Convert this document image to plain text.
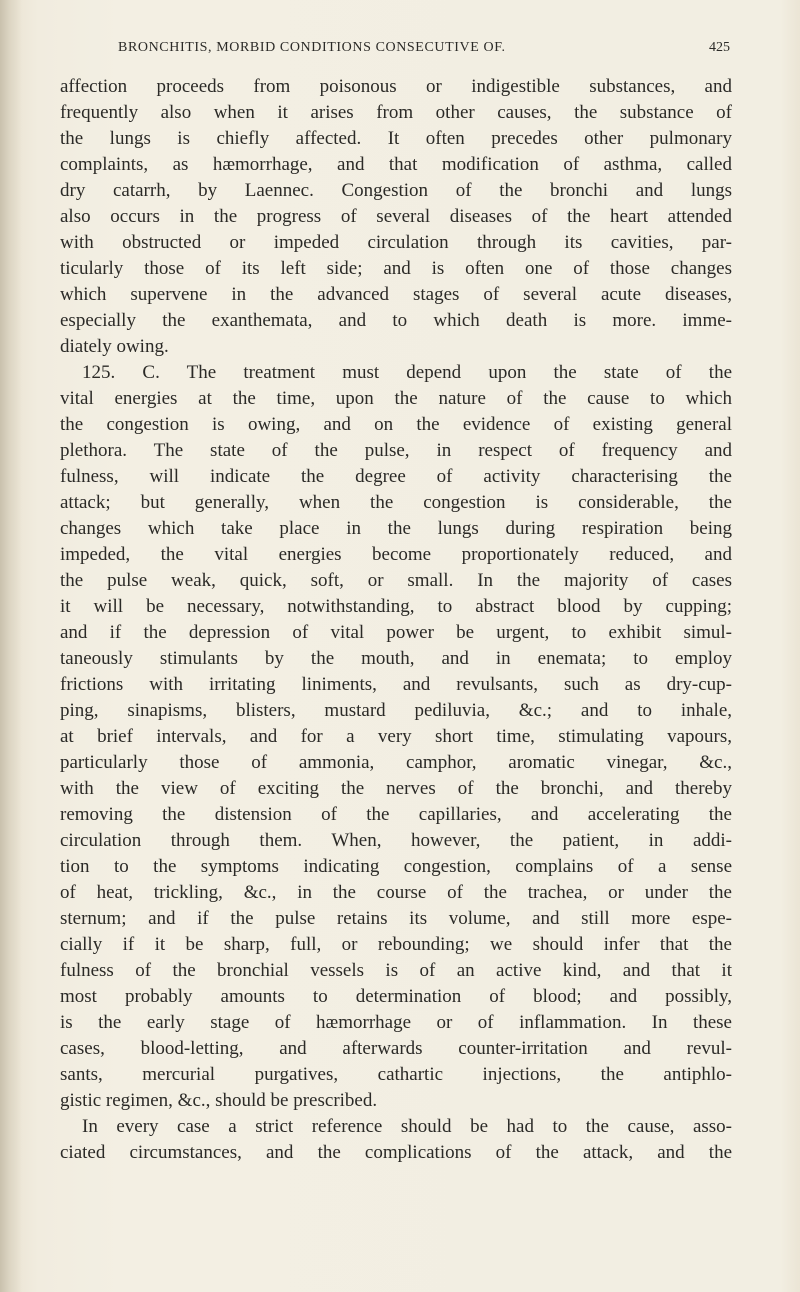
BRONCHITIS, MORBID CONDITIONS CONSECUTIVE OF.	425
affection proceeds from poisonous or indigestible substances, and
frequently also when it arises from other causes, the substance of
the lungs is chiefly affected. It often precedes other pulmonary
complaints, as hæmorrhage, and that modification of asthma, called
dry catarrh, by Laennec. Congestion of the bronchi and lungs
also occurs in the progress of several diseases of the heart attended
with obstructed or impeded circulation through its cavities, par-
ticularly those of its left side; and is often one of those changes
which supervene in the advanced stages of several acute diseases,
especially the exanthemata, and to which death is more. imme-
diately owing.
125. C. The treatment must depend upon the state of the
vital energies at the time, upon the nature of the cause to which
the congestion is owing, and on the evidence of existing general
plethora. The state of the pulse, in respect of frequency and
fulness, will indicate the degree of activity characterising the
attack; but generally, when the congestion is considerable, the
changes which take place in the lungs during respiration being
impeded, the vital energies become proportionately reduced, and
the pulse weak, quick, soft, or small. In the majority of cases
it will be necessary, notwithstanding, to abstract blood by cupping;
and if the depression of vital power be urgent, to exhibit simul-
taneously stimulants by the mouth, and in enemata; to employ
frictions with irritating liniments, and revulsants, such as dry-cup-
ping, sinapisms, blisters, mustard pediluvia, &c.; and to inhale,
at brief intervals, and for a very short time, stimulating vapours,
particularly those of ammonia, camphor, aromatic vinegar, &c.,
with the view of exciting the nerves of the bronchi, and thereby
removing the distension of the capillaries, and accelerating the
circulation through them. When, however, the patient, in addi-
tion to the symptoms indicating congestion, complains of a sense
of heat, trickling, &c., in the course of the trachea, or under the
sternum; and if the pulse retains its volume, and still more espe-
cially if it be sharp, full, or rebounding; we should infer that the
fulness of the bronchial vessels is of an active kind, and that it
most probably amounts to determination of blood; and possibly,
is the early stage of hæmorrhage or of inflammation. In these
cases, blood-letting, and afterwards counter-irritation and revul-
sants, mercurial purgatives, cathartic injections, the antiphlo-
gistic regimen, &c., should be prescribed.
In every case a strict reference should be had to the cause, asso-
ciated circumstances, and the complications of the attack, and the
